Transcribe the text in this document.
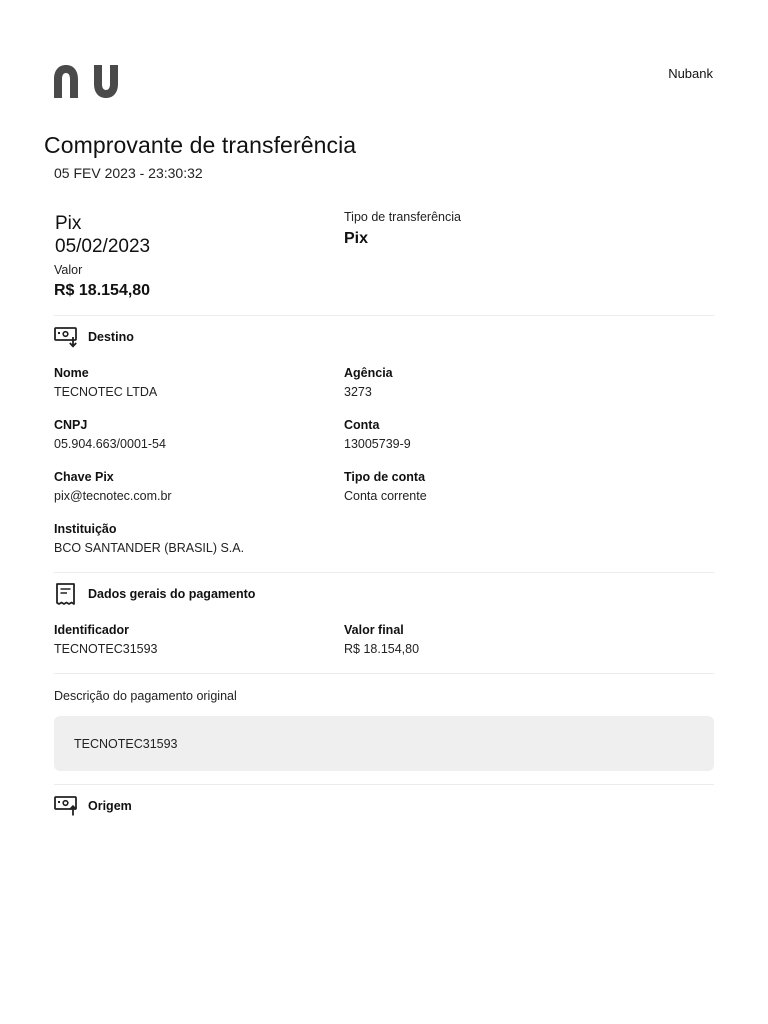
Nubank
Comprovante de transferência
05 FEV 2023 - 23:30:32
Pix
05/02/2023
Valor
R$ 18.154,80
Tipo de transferência
Pix
Destino
Nome
TECNOTEC LTDA
CNPJ
05.904.663/0001-54
Chave Pix
pix@tecnotec.com.br
Instituição
BCO SANTANDER (BRASIL) S.A.
Agência
3273
Conta
13005739-9
Tipo de conta
Conta corrente
Dados gerais do pagamento
Identificador
TECNOTEC31593
Valor final
R$ 18.154,80
Descrição do pagamento original
TECNOTEC31593
Origem
